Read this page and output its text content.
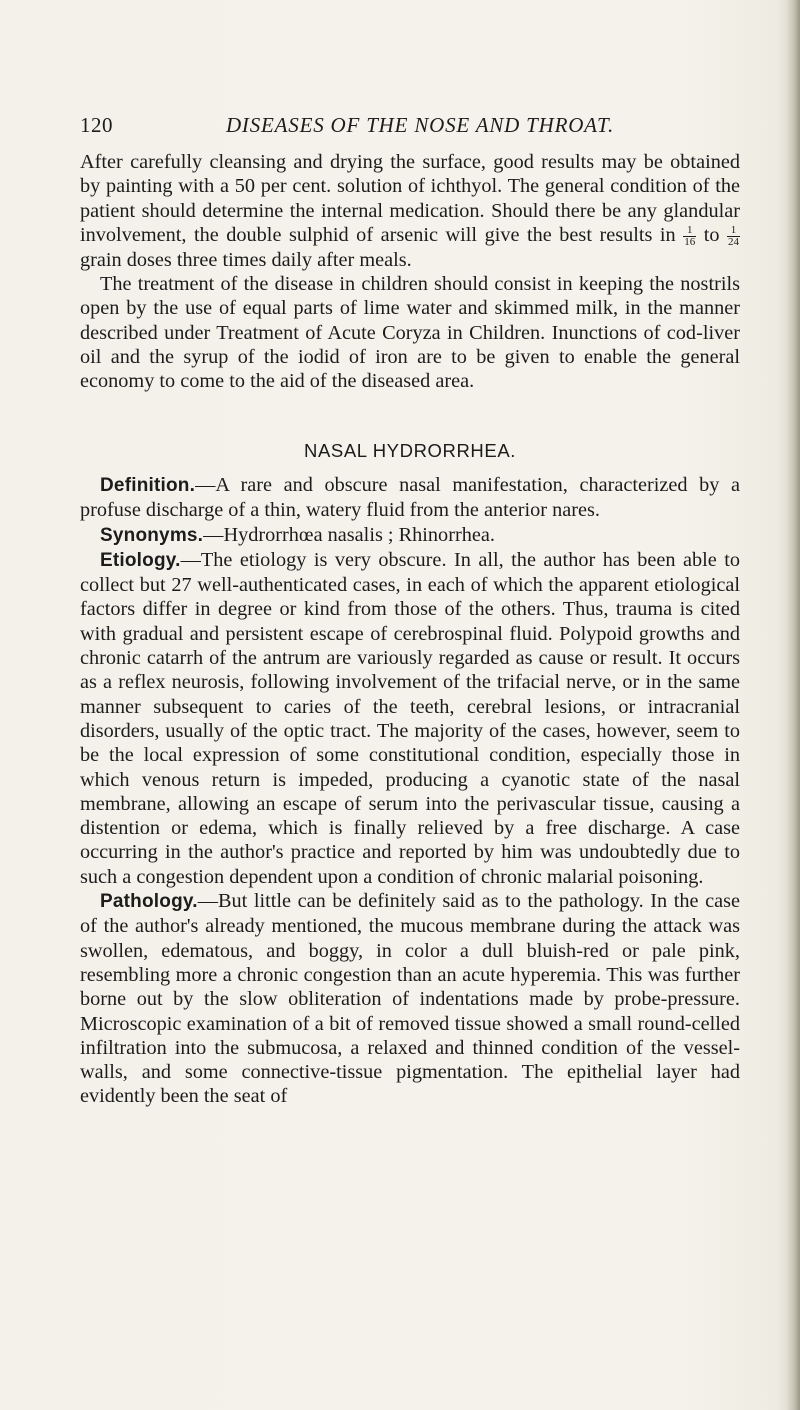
120	DISEASES OF THE NOSE AND THROAT.

After carefully cleansing and drying the surface, good results may be obtained by painting with a 50 per cent. solution of ichthyol. The general condition of the patient should determine the internal medication. Should there be any glandular involvement, the double sulphid of arsenic will give the best results in $\frac{1}{16}$ to $\frac{1}{24}$
grain doses three times daily after meals.

The treatment of the disease in children should consist in keeping the nostrils open by the use of equal parts of lime water and skimmed milk, in the manner described under Treatment of Acute Coryza in Children. Inunctions of cod-liver oil and the syrup of the iodid of iron are to be given to enable the general economy to come to the aid of the diseased area.

NASAL HYDRORRHEA.

Definition.—A rare and obscure nasal manifestation, characterized by a profuse discharge of a thin, watery fluid from the anterior nares.

Synonyms.—Hydrorrhœa nasalis ; Rhinorrhea.

Etiology.—The etiology is very obscure. In all, the author has been able to collect but 27 well-authenticated cases, in each of which the apparent etiological factors differ in degree or kind from those of the others. Thus, trauma is cited with gradual and persistent escape of cerebrospinal fluid. Polypoid growths and chronic catarrh of the antrum are variously regarded as cause or result. It occurs as a reflex neurosis, following involvement of the trifacial nerve, or in the same manner subsequent to caries of the teeth, cerebral lesions, or intracranial disorders, usually of the optic tract. The majority of the cases, however, seem to be the local expression of some constitutional condition, especially those in which venous return is impeded, producing a cyanotic state of the nasal membrane, allowing an escape of serum into the perivascular tissue, causing a distention or edema, which is finally relieved by a free discharge. A case occurring in the author's practice and reported by him was undoubtedly due to such a congestion dependent upon a condition of chronic malarial poisoning.

Pathology.—But little can be definitely said as to the pathology. In the case of the author's already mentioned, the mucous membrane during the attack was swollen, edematous, and boggy, in color a dull bluish-red or pale pink, resembling more a chronic congestion than an acute hyperemia. This was further borne out by the slow obliteration of indentations made by probe-pressure. Microscopic examination of a bit of removed tissue showed a small round-celled infiltration into the submucosa, a relaxed and thinned condition of the vessel-walls, and some connective-tissue pigmentation. The epithelial layer had evidently been the seat of
